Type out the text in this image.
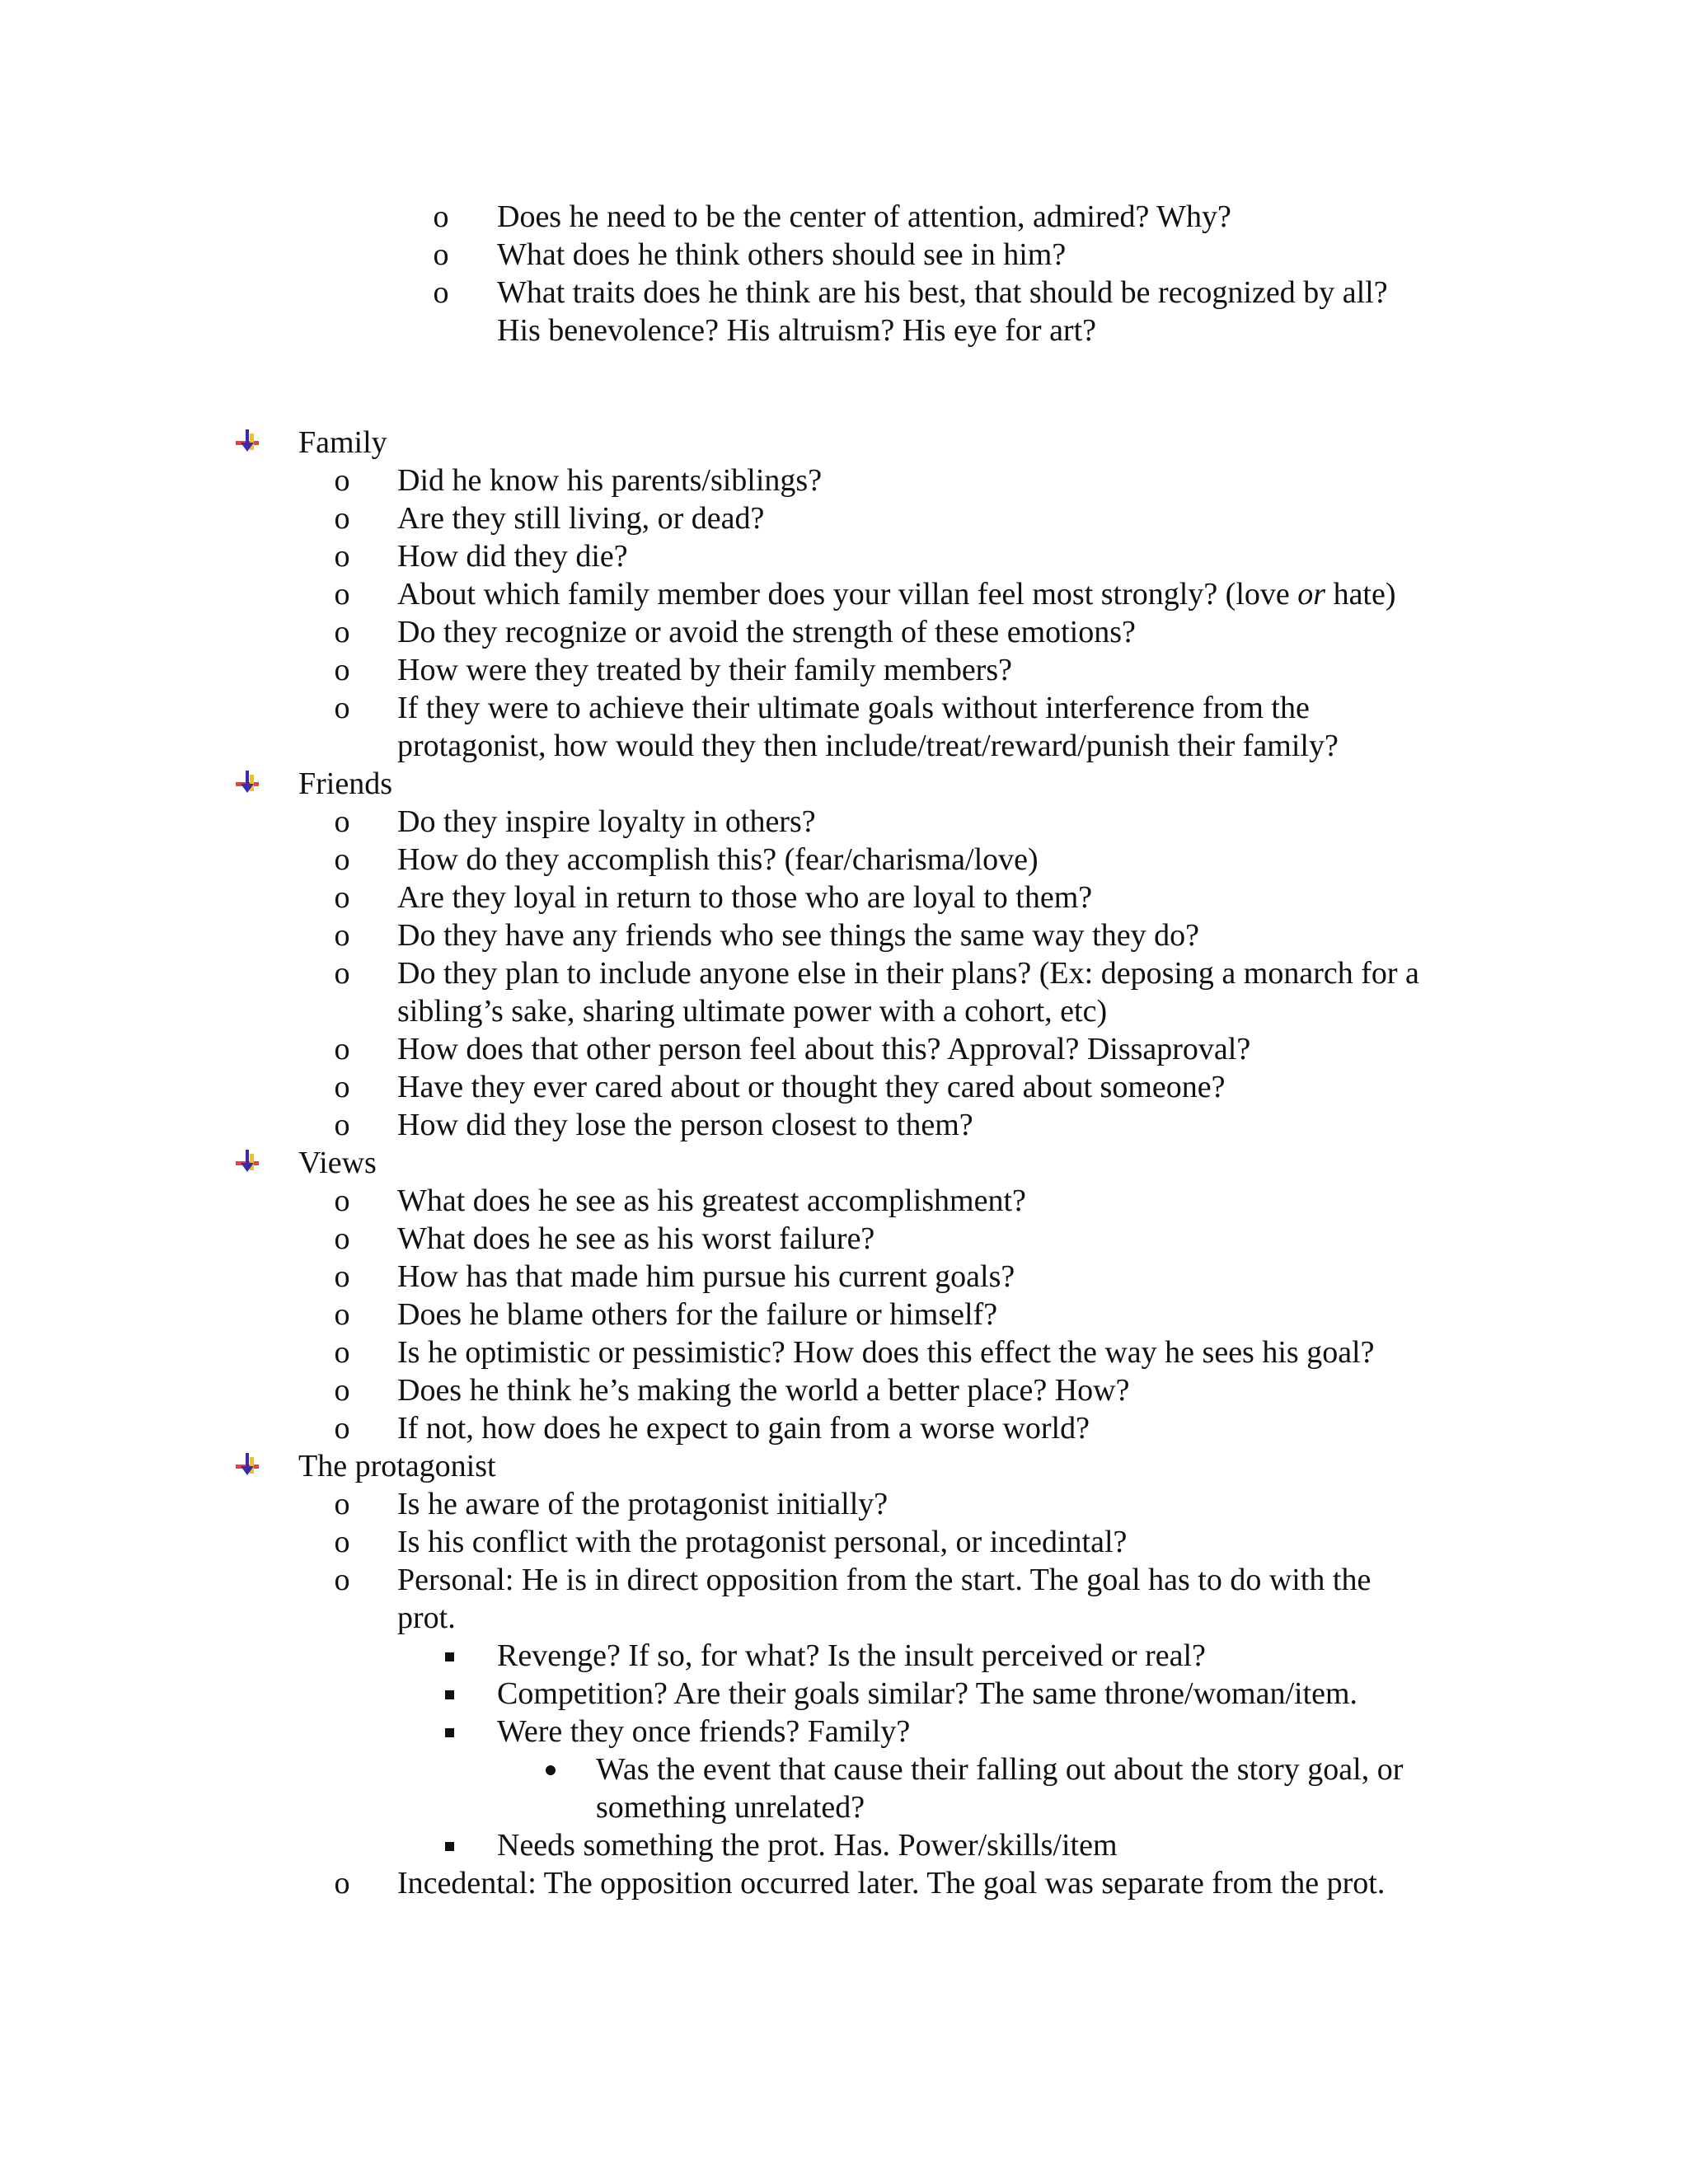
o Does he need to be the center of attention, admired? Why?
o What does he think others should see in him?
o What traits does he think are his best, that should be recognized by all?
His benevolence? His altruism? His eye for art?
Family
o Did he know his parents/siblings?
o Are they still living, or dead?
o How did they die?
o About which family member does your villan feel most strongly? (love or hate)
o Do they recognize or avoid the strength of these emotions?
o How were they treated by their family members?
o If they were to achieve their ultimate goals without interference from the
protagonist, how would they then include/treat/reward/punish their family?
Friends
o Do they inspire loyalty in others?
o How do they accomplish this? (fear/charisma/love)
o Are they loyal in return to those who are loyal to them?
o Do they have any friends who see things the same way they do?
o Do they plan to include anyone else in their plans? (Ex: deposing a monarch for a
sibling’s sake, sharing ultimate power with a cohort, etc)
o How does that other person feel about this? Approval? Dissaproval?
o Have they ever cared about or thought they cared about someone?
o How did they lose the person closest to them?
Views
o What does he see as his greatest accomplishment?
o What does he see as his worst failure?
o How has that made him pursue his current goals?
o Does he blame others for the failure or himself?
o Is he optimistic or pessimistic? How does this effect the way he sees his goal?
o Does he think he’s making the world a better place? How?
o If not, how does he expect to gain from a worse world?
The protagonist
o Is he aware of the protagonist initially?
o Is his conflict with the protagonist personal, or incedintal?
o Personal: He is in direct opposition from the start. The goal has to do with the
prot.
Revenge? If so, for what? Is the insult perceived or real?
Competition? Are their goals similar? The same throne/woman/item.
Were they once friends? Family?
Was the event that cause their falling out about the story goal, or
something unrelated?
Needs something the prot. Has. Power/skills/item
o Incedental: The opposition occurred later. The goal was separate from the prot.
